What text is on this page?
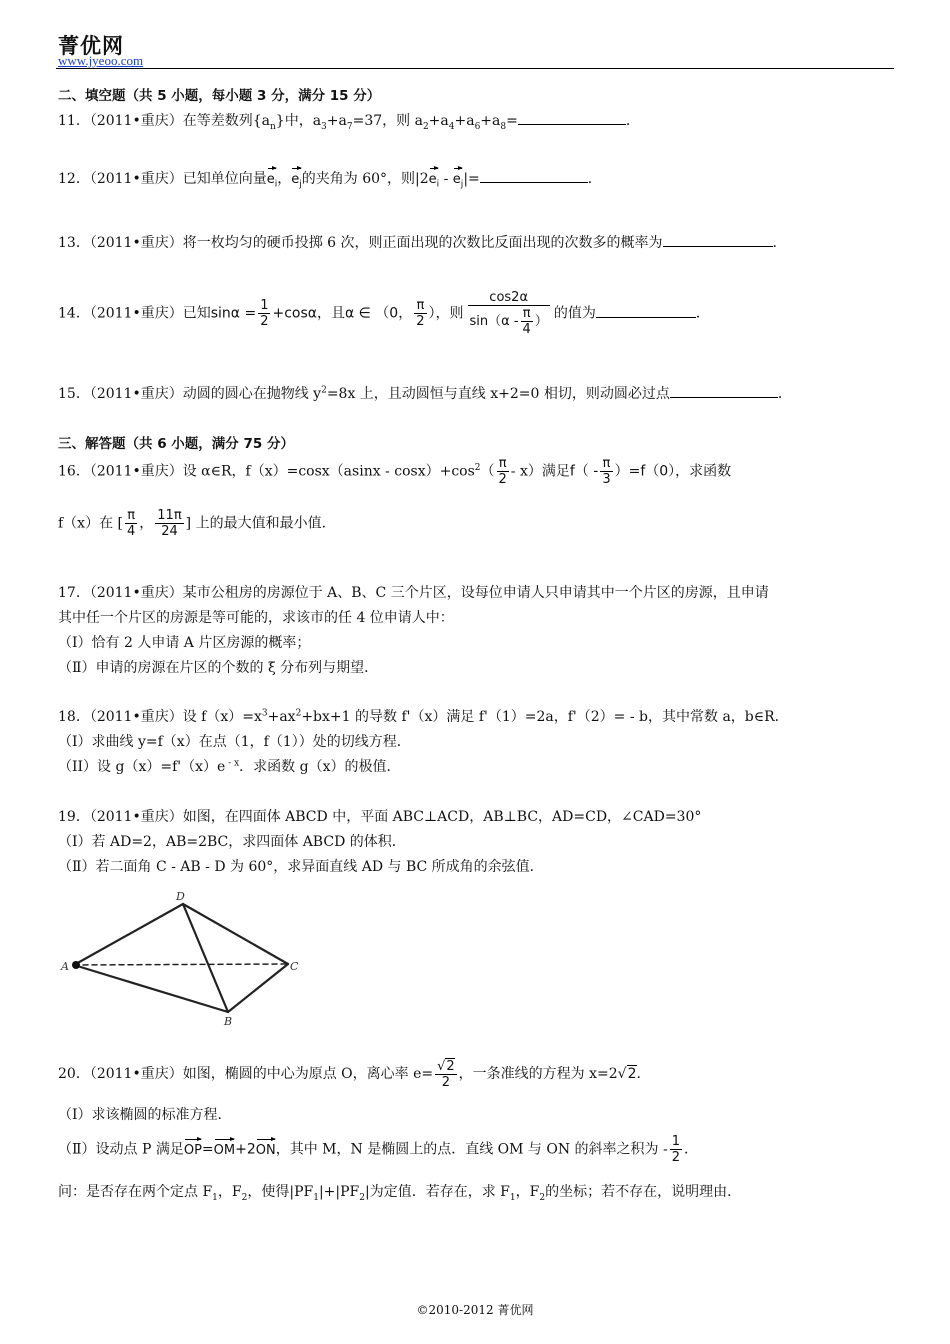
菁优网
www.jyeoo.com
二、填空题（共 5 小题，每小题 3 分，满分 15 分）
11．（2011•重庆）在等差数列$\{a_n\}$中，$a_3+a_7=37$，则 $a_2+a_4+a_6+a_8=$	．
12．（2011•重庆）已知单位向量$e_i$，$e_j$的夹角为 60°，则$|2e_i - e_j|=$	．
13．（2011•重庆）将一枚均匀的硬币投掷 6 次，则正面出现的次数比反面出现的次数多的概率为	．
14．（2011•重庆）已知$\sin\alpha = \frac{1}{2} +\cos\alpha$，且α ∈ （0， $\frac{\pi}{2}$ ），则 $\frac{\cos 2\alpha}{\sin(\alpha - \frac{\pi}{4} )}$ 的值为	．
15．（2011•重庆）动圆的圆心在抛物线 $y^2=8x$ 上，且动圆恒与直线 x+2=0 相切，则动圆必过点	．
三、解答题（共 6 小题，满分 75 分）
16．（2011•重庆）设 α∈R，$f(x)=\cos x(asinx - \cos x)+\cos^2( \frac{\pi}{2} - x)$满足$f( - \frac{\pi}{3} )=f(0)$，求函数
f（x）在 [ $\frac{\pi}{4}$ ， $\frac{11\pi}{24}$ ] 上的最大值和最小值．
17．（2011•重庆）某市公租房的房源位于 A、B、C 三个片区，设每位申请人只申请其中一个片区的房源，且申请
其中任一个片区的房源是等可能的，求该市的任 4 位申请人中：
（Ⅰ）恰有 2 人申请 A 片区房源的概率；
（Ⅱ）申请的房源在片区的个数的 ξ 分布列与期望．
18．（2011•重庆）设 $f(x)=x^3+ax^2+bx+1$ 的导数 f'（x）满足 f'（1）=2a，f'（2）= - b，其中常数 a，b∈R．
（I）求曲线 y=f（x）在点（1，f（1））处的切线方程．
（II）设 g（x）=f'（x）e $^{- x}$．求函数 g（x）的极值．
19．（2011•重庆）如图，在四面体 ABCD 中，平面 ABC⊥ACD，AB⊥BC，AD=CD，∠CAD=30°
（Ⅰ）若 AD=2，AB=2BC，求四面体 ABCD 的体积．
（Ⅱ）若二面角 C - AB - D 为 60°，求异面直线 AD 与 BC 所成角的余弦值．
D
A	C
B
20．（2011•重庆）如图，椭圆的中心为原点 O，离心率 $e= \frac{√2}{2}$ ，一条准线的方程为 x=2√2．
（Ⅰ）求该椭圆的标准方程．
（Ⅱ）设动点 P 满足OP=OM+2ON，其中 M，N 是椭圆上的点．直线 OM 与 ON 的斜率之积为 - $\frac{1}{2}$ ．
问：是否存在两个定点 $F_1$，$F_2$，使得$|PF_1|+|PF_2|$为定值．若存在，求 $F_1$，$F_2$的坐标；若不存在，说明理由．
©2010-2012 菁优网
